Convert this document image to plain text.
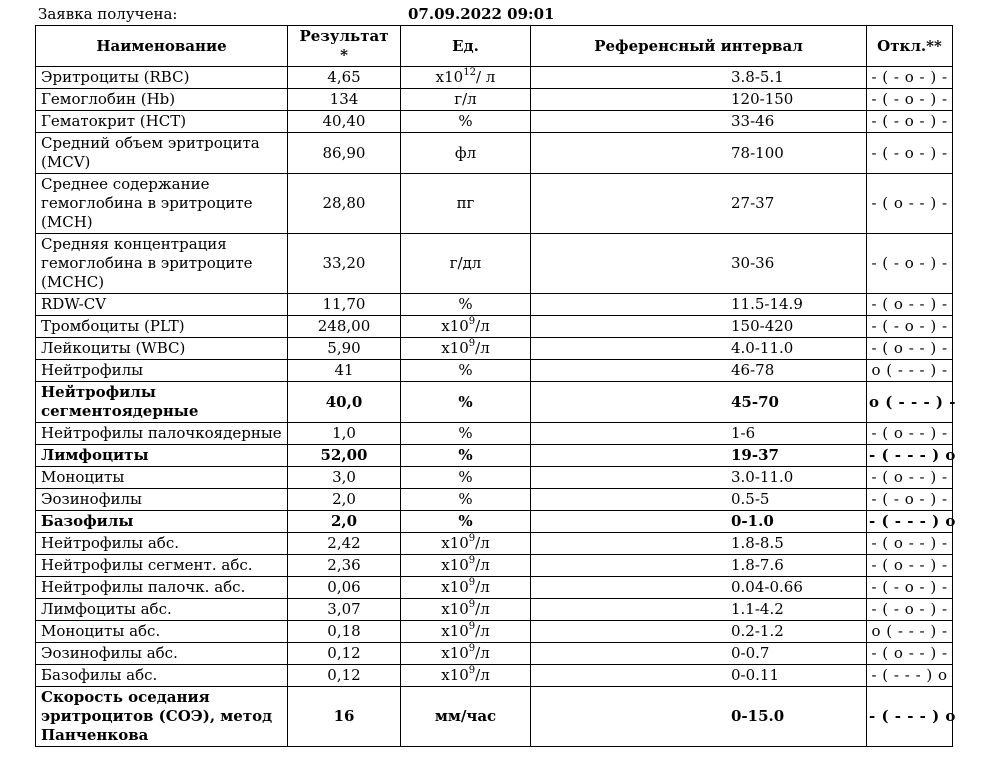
Заявка получена:	07.09.2022 09:01
Наименование	Результат *	Ед.	Референсный интервал	Откл.**
Эритроциты (RBC)	4,65	$x10^{12}/$ л	3.8-5.1	- ( - o - ) -
Гемоглобин (Hb)	134	г/л	120-150	- ( - o - ) -
Гематокрит (HCT)	40,40	%	33-46	- ( - o - ) -
Средний объем эритроцита (MCV)	86,90	фл	78-100	- ( - o - ) -
Среднее содержание гемоглобина в эритроците (MCH)	28,80	пг	27-37	- ( o - - ) -
Средняя концентрация гемоглобина в эритроците (MCHC)	33,20	г/дл	30-36	- ( - o - ) -
RDW-CV	11,70	%	11.5-14.9	- ( o - - ) -
Тромбоциты (PLT)	248,00	$x10^9/л$	150-420	- ( - o - ) -
Лейкоциты (WBC)	5,90	$x10^9/л$	4.0-11.0	- ( o - - ) -
Нейтрофилы	41	%	46-78	o ( - - - ) -
Нейтрофилы сегментоядерные	40,0	%	45-70	o ( - - - ) -
Нейтрофилы палочкоядерные	1,0	%	1-6	- ( o - - ) -
Лимфоциты	52,00	%	19-37	- ( - - - ) o
Моноциты	3,0	%	3.0-11.0	- ( o - - ) -
Эозинофилы	2,0	%	0.5-5	- ( - o - ) -
Базофилы	2,0	%	0-1.0	- ( - - - ) o
Нейтрофилы абс.	2,42	$x10^9/л$	1.8-8.5	- ( o - - ) -
Нейтрофилы сегмент. абс.	2,36	$x10^9/л$	1.8-7.6	- ( o - - ) -
Нейтрофилы палочк. абс.	0,06	$x10^9/л$	0.04-0.66	- ( - o - ) -
Лимфоциты абс.	3,07	$x10^9/л$	1.1-4.2	- ( - o - ) -
Моноциты абс.	0,18	$x10^9/л$	0.2-1.2	o ( - - - ) -
Эозинофилы абс.	0,12	$x10^9/л$	0-0.7	- ( o - - ) -
Базофилы абс.	0,12	$x10^9/л$	0-0.11	- ( - - - ) o
Скорость оседания эритроцитов (СОЭ), метод Панченкова	16	мм/час	0-15.0	- ( - - - ) o
